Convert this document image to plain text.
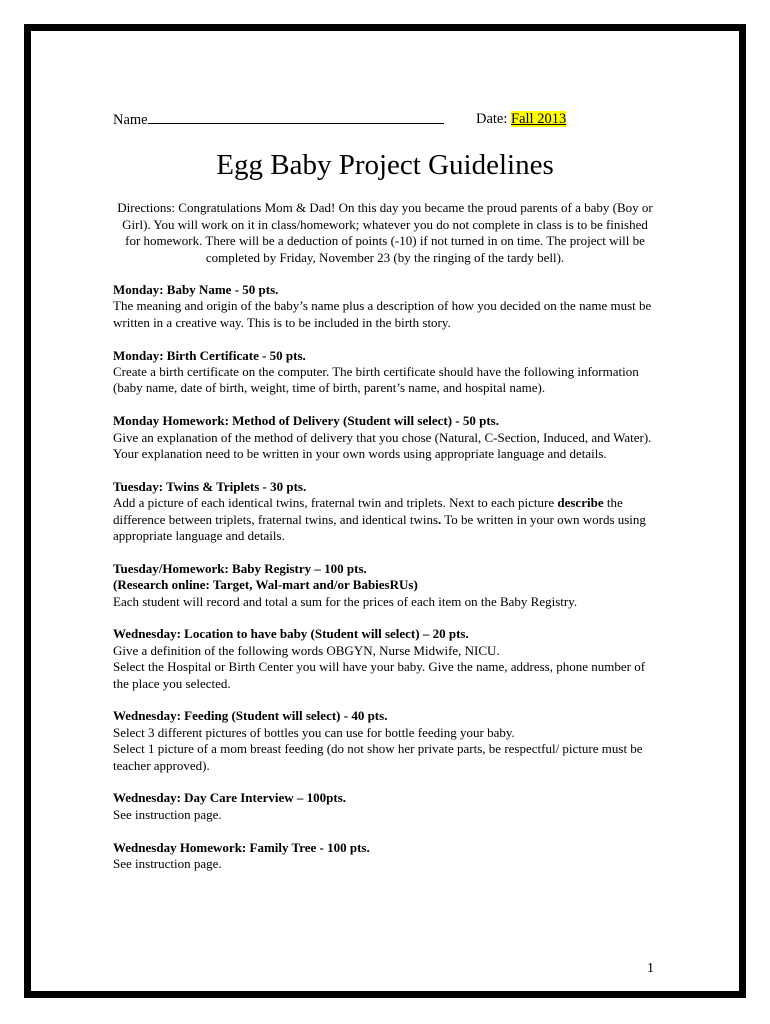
Name	Date: Fall 2013
Egg Baby Project Guidelines
Directions: Congratulations Mom & Dad! On this day you became the proud parents of a baby (Boy or Girl). You will work on it in class/homework; whatever you do not complete in class is to be finished for homework. There will be a deduction of points (-10) if not turned in on time. The project will be completed by Friday, November 23 (by the ringing of the tardy bell).
Monday: Baby Name - 50 pts.
The meaning and origin of the baby’s name plus a description of how you decided on the name must be written in a creative way. This is to be included in the birth story.
Monday: Birth Certificate - 50 pts.
Create a birth certificate on the computer. The birth certificate should have the following information (baby name, date of birth, weight, time of birth, parent’s name, and hospital name).
Monday Homework: Method of Delivery (Student will select) - 50 pts.
Give an explanation of the method of delivery that you chose (Natural, C-Section, Induced, and Water). Your explanation need to be written in your own words using appropriate language and details.
Tuesday: Twins & Triplets - 30 pts.
Add a picture of each identical twins, fraternal twin and triplets. Next to each picture describe the difference between triplets, fraternal twins, and identical twins. To be written in your own words using appropriate language and details.
Tuesday/Homework: Baby Registry – 100 pts.
(Research online: Target, Wal-mart and/or BabiesRUs)
Each student will record and total a sum for the prices of each item on the Baby Registry.
Wednesday: Location to have baby (Student will select) – 20 pts.
Give a definition of the following words OBGYN, Nurse Midwife, NICU.
Select the Hospital or Birth Center you will have your baby. Give the name, address, phone number of the place you selected.
Wednesday: Feeding (Student will select) - 40 pts.
Select 3 different pictures of bottles you can use for bottle feeding your baby.
Select 1 picture of a mom breast feeding (do not show her private parts, be respectful/ picture must be teacher approved).
Wednesday: Day Care Interview – 100pts.
See instruction page.
Wednesday Homework: Family Tree - 100 pts.
See instruction page.
1
